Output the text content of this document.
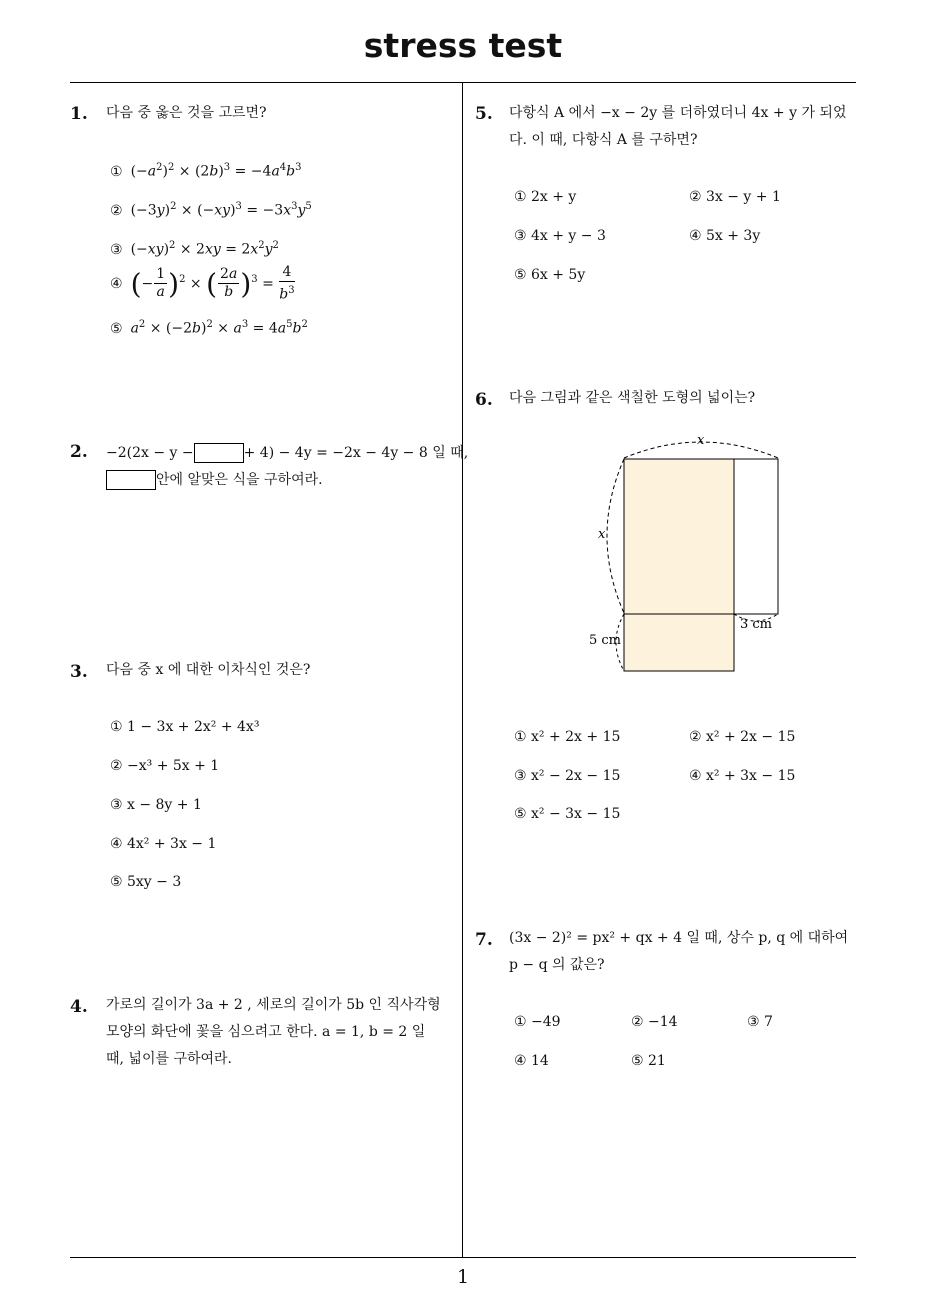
stress test
1
1. 다음 중 옳은 것을 고르면?
① $(-a^2)^2 \times (2b)^3 = -4a^4b^3$
② $(-3y)^2 \times (-xy)^3 = -3x^3y^5$
③ $(-xy)^2 \times 2xy = 2x^2y^2$
④ (− $\frac{1}{a} )^2$ × ( $\frac{2a}{b} )^3 = \frac{4}{b^3}$
⑤ $a^2 \times (-2b)^2 \times a^3 = 4a^5b^2$
2. −2(2x − y −	+ 4) − 4y = −2x − 4y − 8 일 때,
안에 알맞은 식을 구하여라.
3. 다음 중 x 에 대한 이차식인 것은?
① 1 − 3x + 2x² + 4x³
② −x³ + 5x + 1
③ x − 8y + 1
④ 4x² + 3x − 1
⑤ 5xy − 3
4. 가로의 길이가 3a + 2 , 세로의 길이가 5b 인 직사각형
모양의 화단에 꽃을 심으려고 한다. a = 1, b = 2 일
때, 넓이를 구하여라.
5. 다항식 A 에서 −x − 2y 를 더하였더니 4x + y 가 되었
다. 이 때, 다항식 A 를 구하면?
① 2x + y	② 3x − y + 1
③ 4x + y − 3	④ 5x + 3y
⑤ 6x + 5y
6. 다음 그림과 같은 색칠한 도형의 넓이는?
x
x
3 cm
5 cm
① x² + 2x + 15	② x² + 2x − 15
③ x² − 2x − 15	④ x² + 3x − 15
⑤ x² − 3x − 15
7. (3x − 2)² = px² + qx + 4 일 때, 상수 p, q 에 대하여
p − q 의 값은?
① −49	② −14	③ 7
④ 14	⑤ 21
